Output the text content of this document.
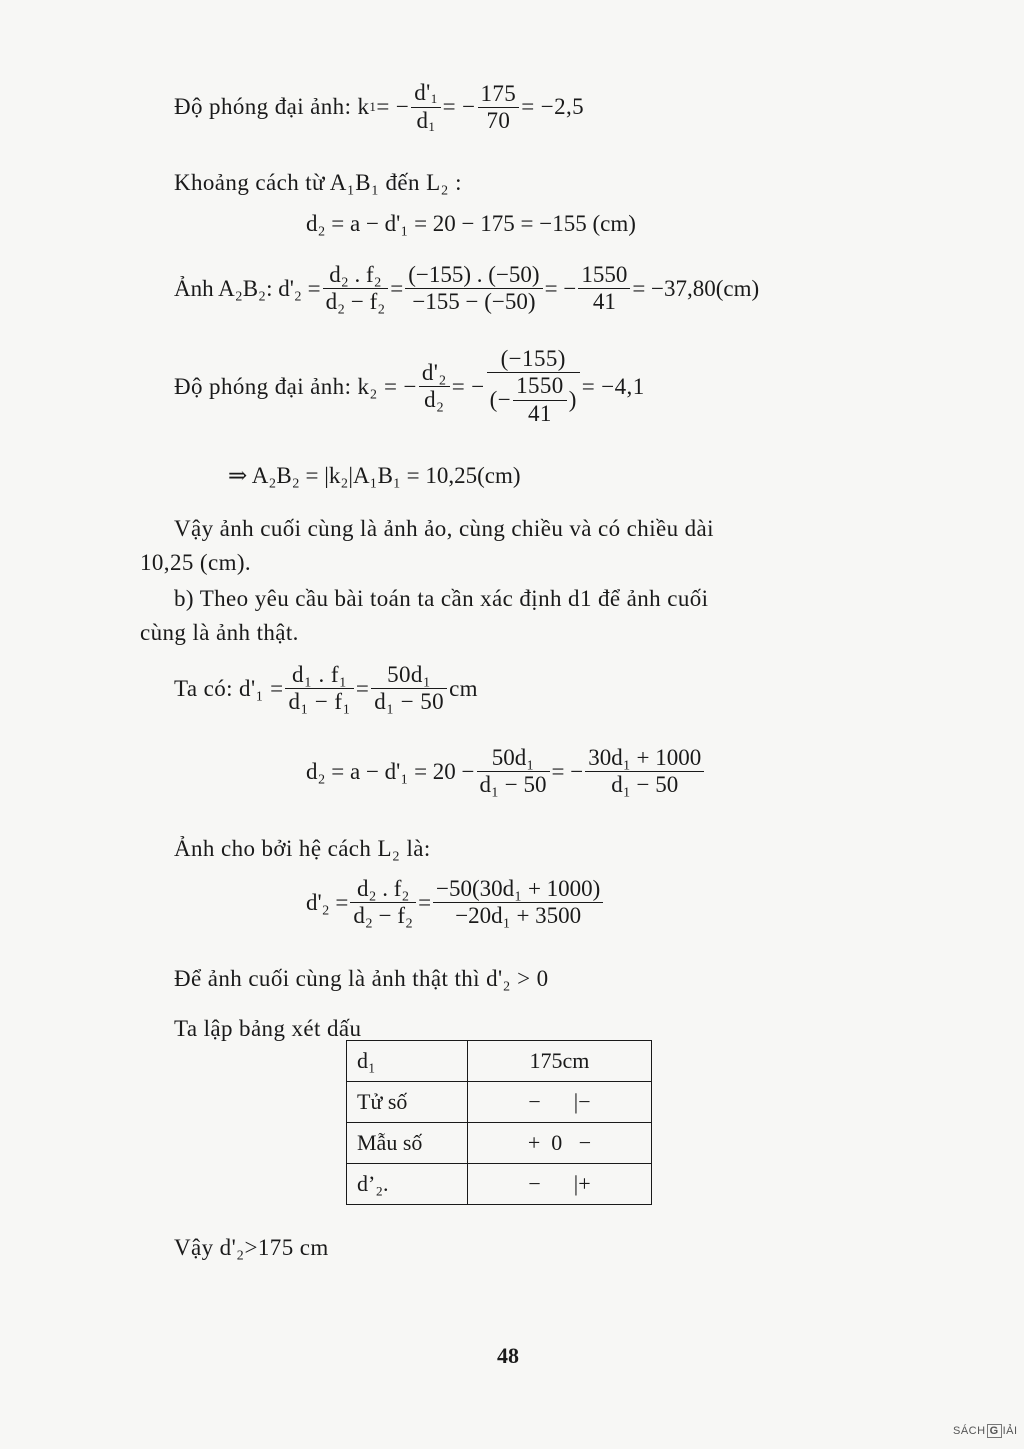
Độ phóng đại ảnh: k 1 = − $\frac{d'_1}{d_1}$ = − $\frac{175}{70} = -2,5$
Khoảng cách từ A₁B₁ đến L₂ :
d₂ = a − d'₁ = 20 − 175 = −155 (cm)
Ảnh A₂B₂: $d'_2 = \frac{\text{d₂ . f₂}}{\text{d₂ − f₂}} = \frac{(-155) . (-50)}{-155 - (-50)}$ = − $\frac{1550}{41} = -37,80(cm)$
Độ phóng đại ảnh: k₂ = − $\frac{\text{d'₂}}{\text{d₂}}$ = − $\frac{(-155)}{(- \frac{1550}{41} )} = -4,1$
⇒ A₂B₂ = |k₂|A₁B₁ = 10,25(cm)
Vậy ảnh cuối cùng là ảnh ảo, cùng chiều và có chiều dài
10,25 (cm).
b) Theo yêu cầu bài toán ta cần xác định d1 để ảnh cuối
cùng là ảnh thật.
Ta có: $d'_1 = \frac{\text{d₁ . f₁}}{\text{d₁ − f₁}} = \frac{\text{50d₁}}{\text{d₁ − 50}}$ cm
$d_2 = a - d'_1 = 20 - \frac{\text{50d₁}}{\text{d₁ − 50}}$ = − $\frac{\text{30d₁ + 1000}}{\text{d₁ − 50}}$
Ảnh cho bởi hệ cách L₂ là:
$d'_2 = \frac{\text{d₂ . f₂}}{\text{d₂ − f₂}} = \frac{\text{−50(30d₁ + 1000)}}{\text{−20d₁ + 3500}}$
Để ảnh cuối cùng là ảnh thật thì d'₂ > 0
Ta lập bảng xét dấu
d₁	175cm
Tử số	−      |−
Mẫu số	+  0   −
d’₂.	−      |+
Vậy d'₂>175 cm
48
SÁCH G IẢI
